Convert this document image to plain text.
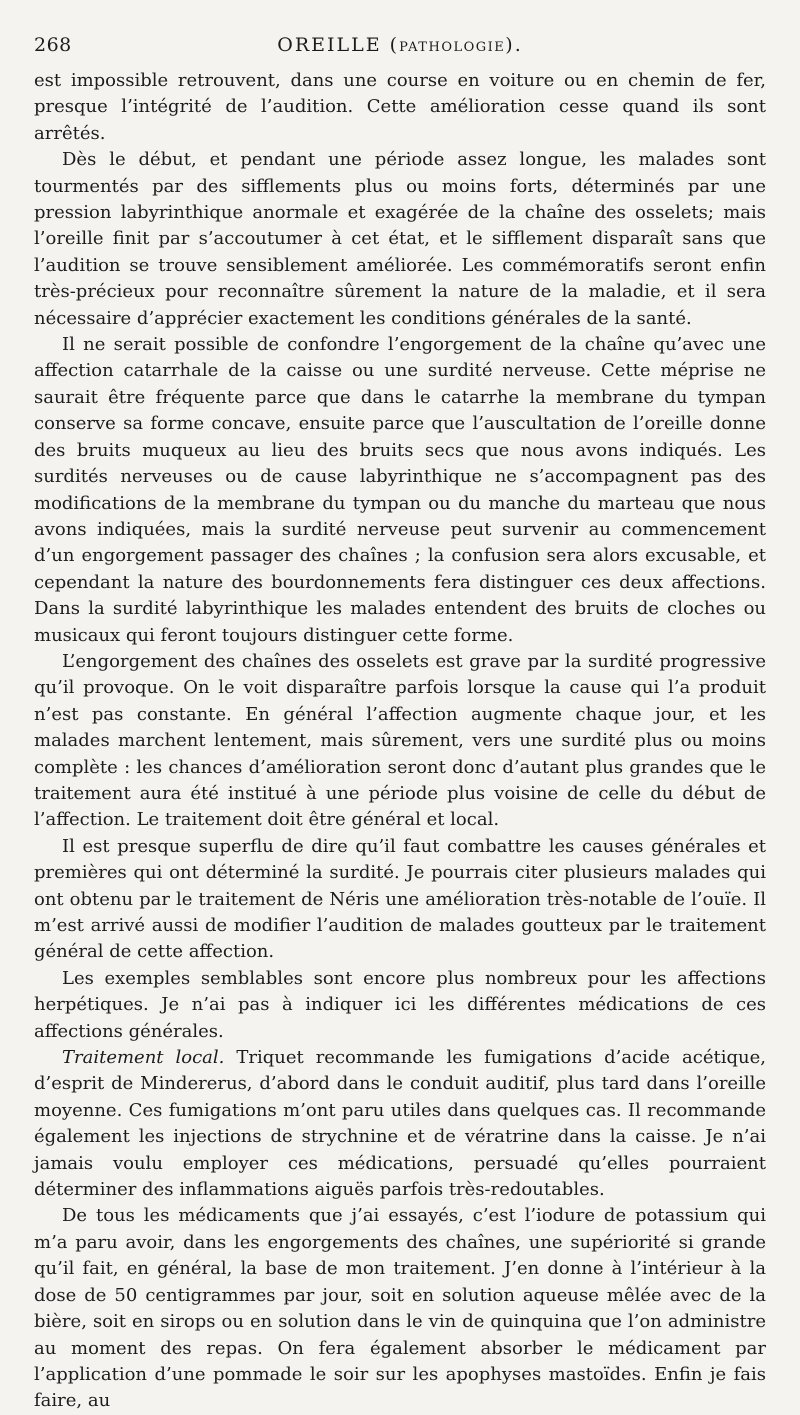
268	OREILLE (PATHOLOGIE).

est impossible retrouvent, dans une course en voiture ou en chemin de fer, presque l’intégrité de l’audition. Cette amélioration cesse quand ils sont arrêtés.

Dès le début, et pendant une période assez longue, les malades sont tourmentés par des sifflements plus ou moins forts, déterminés par une pression labyrinthique anormale et exagérée de la chaîne des osselets; mais l’oreille finit par s’accoutumer à cet état, et le sifflement disparaît sans que l’audition se trouve sensiblement améliorée. Les commémoratifs seront enfin très-précieux pour reconnaître sûrement la nature de la maladie, et il sera nécessaire d’apprécier exactement les conditions générales de la santé.

Il ne serait possible de confondre l’engorgement de la chaîne qu’avec une affection catarrhale de la caisse ou une surdité nerveuse. Cette méprise ne saurait être fréquente parce que dans le catarrhe la membrane du tympan conserve sa forme concave, ensuite parce que l’auscultation de l’oreille donne des bruits muqueux au lieu des bruits secs que nous avons indiqués. Les surdités nerveuses ou de cause labyrinthique ne s’accompagnent pas des modifications de la membrane du tympan ou du manche du marteau que nous avons indiquées, mais la surdité nerveuse peut survenir au commencement d’un engorgement passager des chaînes ; la confusion sera alors excusable, et cependant la nature des bourdonnements fera distinguer ces deux affections. Dans la surdité labyrinthique les malades entendent des bruits de cloches ou musicaux qui feront toujours distinguer cette forme.

L’engorgement des chaînes des osselets est grave par la surdité progressive qu’il provoque. On le voit disparaître parfois lorsque la cause qui l’a produit n’est pas constante. En général l’affection augmente chaque jour, et les malades marchent lentement, mais sûrement, vers une surdité plus ou moins complète : les chances d’amélioration seront donc d’autant plus grandes que le traitement aura été institué à une période plus voisine de celle du début de l’affection. Le traitement doit être général et local.

Il est presque superflu de dire qu’il faut combattre les causes générales et premières qui ont déterminé la surdité. Je pourrais citer plusieurs malades qui ont obtenu par le traitement de Néris une amélioration très-notable de l’ouïe. Il m’est arrivé aussi de modifier l’audition de malades goutteux par le traitement général de cette affection.

Les exemples semblables sont encore plus nombreux pour les affections herpétiques. Je n’ai pas à indiquer ici les différentes médications de ces affections générales.

Traitement local. Triquet recommande les fumigations d’acide acétique, d’esprit de Mindererus, d’abord dans le conduit auditif, plus tard dans l’oreille moyenne. Ces fumigations m’ont paru utiles dans quelques cas. Il recommande également les injections de strychnine et de vératrine dans la caisse. Je n’ai jamais voulu employer ces médications, persuadé qu’elles pourraient déterminer des inflammations aiguës parfois très-redoutables.

De tous les médicaments que j’ai essayés, c’est l’iodure de potassium qui m’a paru avoir, dans les engorgements des chaînes, une supériorité si grande qu’il fait, en général, la base de mon traitement. J’en donne à l’intérieur à la dose de 50 centigrammes par jour, soit en solution aqueuse mêlée avec de la bière, soit en sirops ou en solution dans le vin de quinquina que l’on administre au moment des repas. On fera également absorber le médicament par l’application d’une pommade le soir sur les apophyses mastoïdes. Enfin je fais faire, au
